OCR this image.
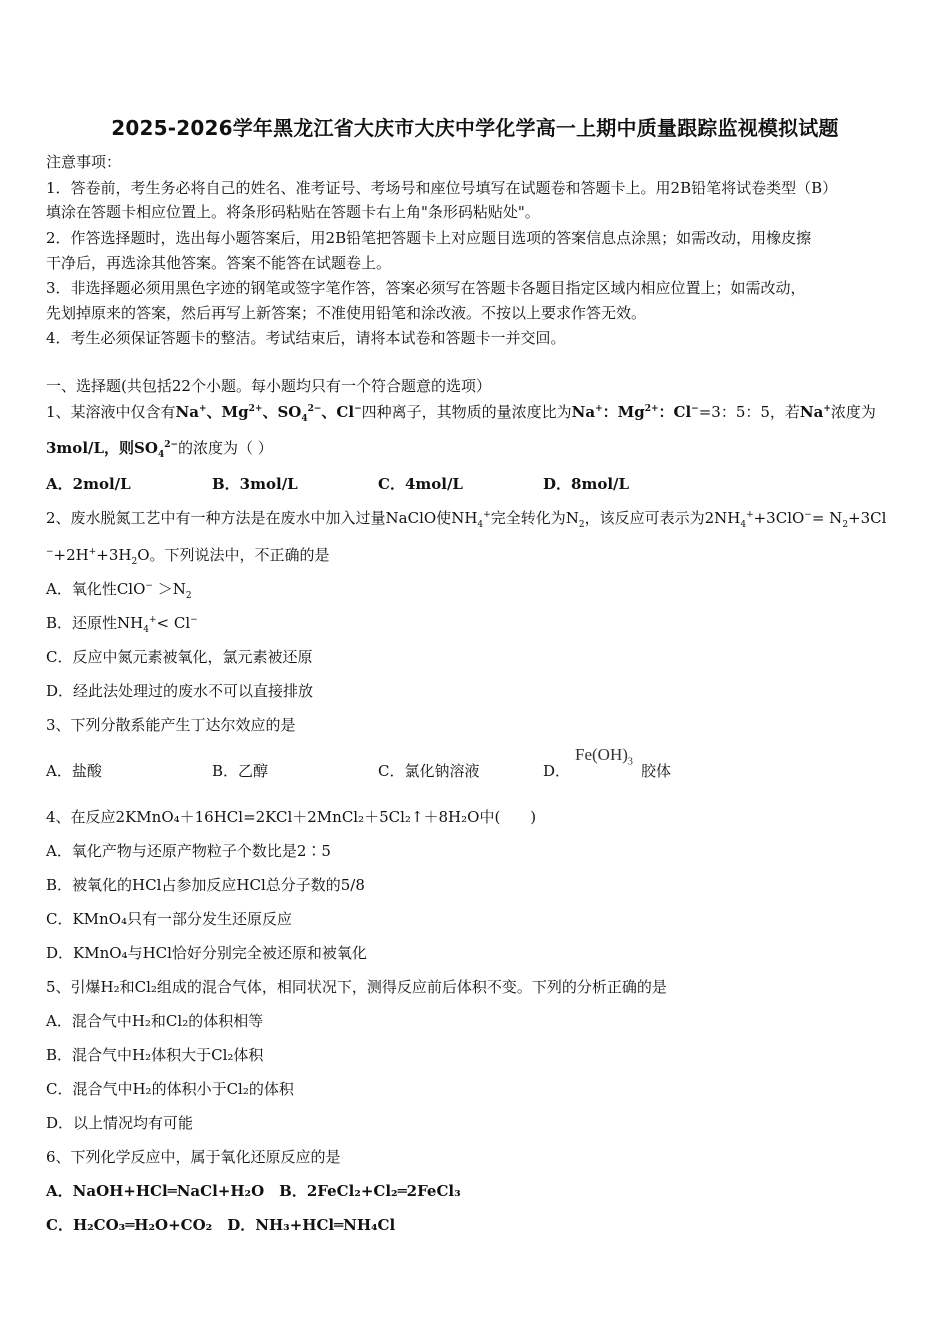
2025-2026学年黑龙江省大庆市大庆中学化学高一上期中质量跟踪监视模拟试题
注意事项：
1．答卷前，考生务必将自己的姓名、准考证号、考场号和座位号填写在试题卷和答题卡上。用2B铅笔将试卷类型（B）
填涂在答题卡相应位置上。将条形码粘贴在答题卡右上角"条形码粘贴处"。
2．作答选择题时，选出每小题答案后，用2B铅笔把答题卡上对应题目选项的答案信息点涂黑；如需改动，用橡皮擦
干净后，再选涂其他答案。答案不能答在试题卷上。
3．非选择题必须用黑色字迹的钢笔或签字笔作答，答案必须写在答题卡各题目指定区域内相应位置上；如需改动，
先划掉原来的答案，然后再写上新答案；不准使用铅笔和涂改液。不按以上要求作答无效。
4．考生必须保证答题卡的整洁。考试结束后，请将本试卷和答题卡一并交回。
一、选择题(共包括22个小题。每小题均只有一个符合题意的选项）
1、某溶液中仅含有Na+、$Mg^{2+}$、$SO_4^{2-}$、Cl−四种离子，其物质的量浓度比为Na+：$Mg^{2+}$：Cl−=3：5：5，若Na+浓度为
3mol/L，则$SO_4^{2-}$的浓度为（ ）
A．2mol/L	B．3mol/L	C．4mol/L	D．8mol/L
2、废水脱氮工艺中有一种方法是在废水中加入过量NaClO使$NH_4^+$完全转化为$N_2$，该反应可表示为$2NH_4^++3ClO^-= N_2+3Cl$
$^-+2H^++3H_2O$。下列说法中，不正确的是
A．氧化性$ClO^- >N_2$
B．还原性$NH_4^+< Cl^-$
C．反应中氮元素被氧化，氯元素被还原
D．经此法处理过的废水不可以直接排放
3、下列分散系能产生丁达尔效应的是
A．盐酸	B．乙醇	C．氯化钠溶液	D．
$Fe(OH)_3$
胶体
4、在反应2KMnO₄＋16HCl=2KCl＋2MnCl₂＋5Cl₂↑＋8H₂O中(　　)
A．氧化产物与还原产物粒子个数比是2∶5
B．被氧化的HCl占参加反应HCl总分子数的5/8
C．KMnO₄只有一部分发生还原反应
D．KMnO₄与HCl恰好分别完全被还原和被氧化
5、引爆H₂和Cl₂组成的混合气体，相同状况下，测得反应前后体积不变。下列的分析正确的是
A．混合气中H₂和Cl₂的体积相等
B．混合气中H₂体积大于Cl₂体积
C．混合气中H₂的体积小于Cl₂的体积
D．以上情况均有可能
6、下列化学反应中，属于氧化还原反应的是
A．NaOH+HCl═NaCl+H₂O　B．2FeCl₂+Cl₂═2FeCl₃
C．H₂CO₃═H₂O+CO₂　D．NH₃+HCl═NH₄Cl
